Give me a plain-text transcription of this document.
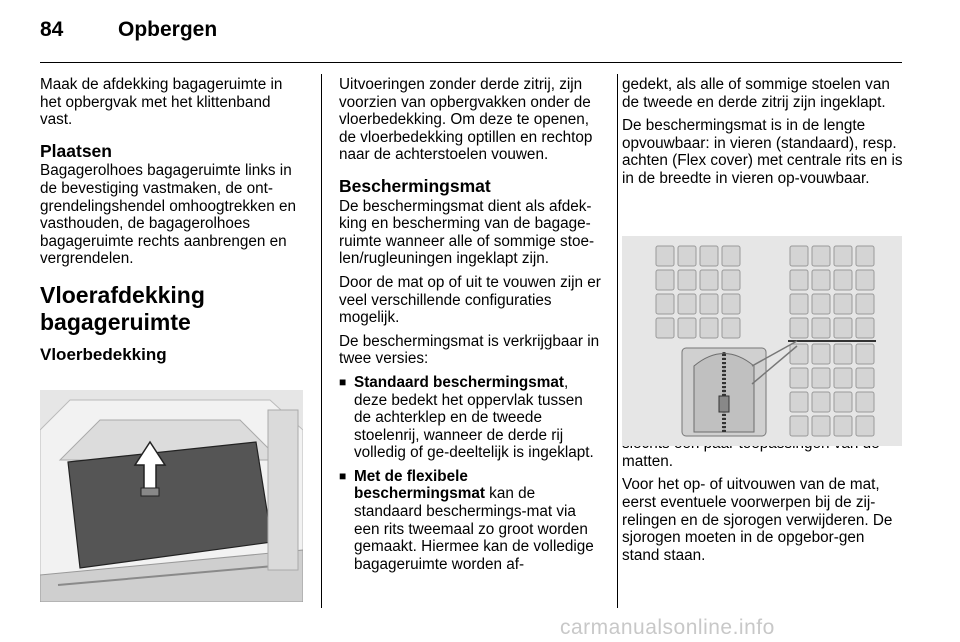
84	Opbergen

Maak de afdekking bagageruimte in het opbergvak met het klittenband vast.

Plaatsen

Bagagerolhoes bagageruimte links in de bevestiging vastmaken, de ont-grendelingshendel omhoogtrekken en vasthouden, de bagagerolhoes bagageruimte rechts aanbrengen en vergrendelen.

Vloerafdekking
bagageruimte
Vloerbedekking

Uitvoeringen zonder derde zitrij, zijn voorzien van opbergvakken onder de vloerbedekking. Om deze te openen, de vloerbedekking optillen en rechtop naar de achterstoelen vouwen.

Beschermingsmat

De beschermingsmat dient als afdek-king en bescherming van de bagage-ruimte wanneer alle of sommige stoe-len/rugleuningen ingeklapt zijn.

Door de mat op of uit te vouwen zijn er veel verschillende configuraties mogelijk.

De beschermingsmat is verkrijgbaar in twee versies:

■ Standaard beschermingsmat, deze bedekt het oppervlak tussen de achterklep en de tweede stoelenrij, wanneer de derde rij volledig of ge-deeltelijk is ingeklapt.
■ Met de flexibele beschermingsmat kan de standaard beschermings-mat via een rits tweemaal zo groot worden gemaakt. Hiermee kan de volledige bagageruimte worden af-

gedekt, als alle of sommige stoelen van de tweede en derde zitrij zijn ingeklapt.

De beschermingsmat is in de lengte opvouwbaar: in vieren (standaard), resp. achten (Flex cover) met centrale rits en is in de breedte in vieren op-vouwbaar.

matten.

Voor het op- of uitvouwen van de mat, eerst eventuele voorwerpen bij de zij-relingen en de sjorogen verwijderen. De sjorogen moeten in de opgebor-gen stand staan.

carmanualsonline.info
